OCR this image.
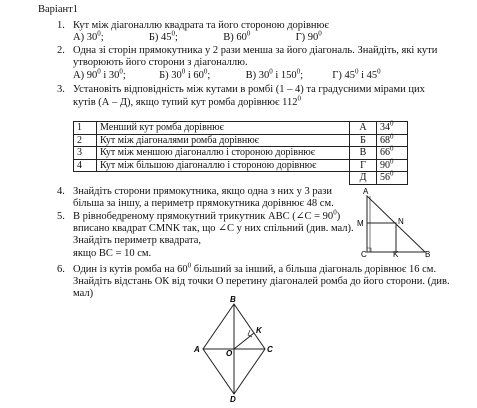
Варіант1
1. Кут між діагоналлю квадрата та його стороною дорівнює
А) $30^0$;	Б) $45^0$;	В) $60^0$	Г) $90^0$
2. Одна зі сторін прямокутника у 2 рази менша за його діагональ. Знайдіть, які кути
утворюють його сторони з діагоналлю.
А) $90^0$ і $30^0$;	Б) $30^0$ і $60^0$;	В) $30^0$ і $150^0$;	Г) $45^0$ і $45^0$
3. Установіть відповідність між кутами в ромбі (1 – 4) та градусними мірами цих
кутів (А – Д), якщо тупий кут ромба дорівнює $112^0$
1	Менший кут ромба дорівнює	А	$34^0$
2	Кут між діагоналями ромба дорівнює	Б	$68^0$
3	Кут між меншою діагоналлю і стороною дорівнює	В	$66^0$
4	Кут між більшою діагоналлю і стороною дорівнює	Г	$90^0$
		Д	$56^0$
4. Знайдіть сторони прямокутника, якщо одна з них у 3 рази
більша за іншу, а периметр прямокутника дорівнює 48 см.
5. В рівнобедреному прямокутний трикутник АВС (∠С = $90^0$)
вписано квадрат СМNК так, що ∠С у них спільний (див. мал).
Знайдіть периметр квадрата,
якщо ВС = 10 см.
A
M	N
C	K	B
6. Один із кутів ромба на $60^0$ більший за інший, а більша діагональ дорівнює 16 см.
Знайдіть відстань ОК від точки О перетину діагоналей ромба до його сторони. (див.
мал)
B
K
A	O	C
D
